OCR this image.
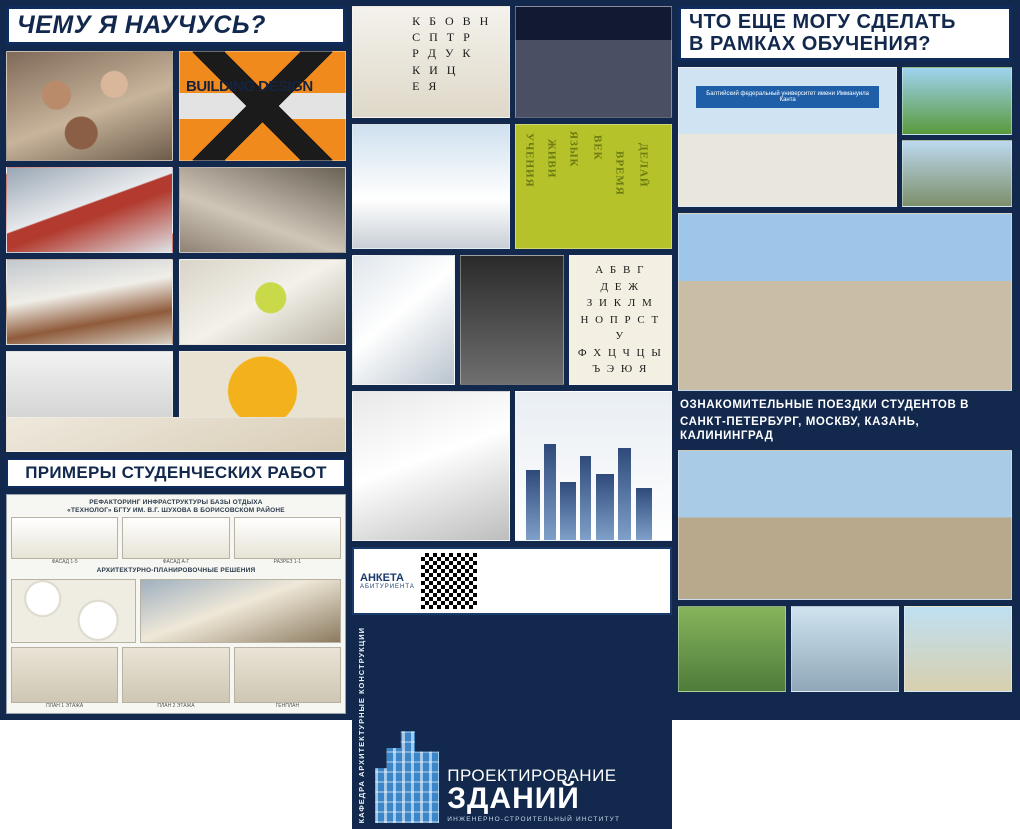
ЧЕМУ Я НАУЧУСЬ?
BUILDING DESIGN
ПРИМЕРЫ СТУДЕНЧЕСКИХ РАБОТ
РЕФАКТОРИНГ ИНФРАСТРУКТУРЫ БАЗЫ ОТДЫХА
«ТЕХНОЛОГ» БГТУ ИМ. В.Г. ШУХОВА В БОРИСОВСКОМ РАЙОНЕ
ФАСАД 1-5	ФАСАД А-Г	РАЗРЕЗ 1-1
АРХИТЕКТУРНО-ПЛАНИРОВОЧНЫЕ РЕШЕНИЯ
ПЛАН 1 ЭТАЖА	ПЛАН 2 ЭТАЖА	ГЕНПЛАН
К Б О В Н
С П Т Р
Р Д У К
К И Ц
Е Я
УЧЕНИЯ ЖИВИ ЯЗЫК ВЕК
ВРЕМЯ ДЕЛАЙ
А Б В Г
Д Е Ж
З И К Л М
Н О П Р С Т У
Ф Х Ц Ч Ц Ы
Ъ Э Ю Я
АНКЕТА
АБИТУРИЕНТА
КАФЕДРА АРХИТЕКТУРНЫЕ КОНСТРУКЦИИ	ПРОЕКТИРОВАНИЕ
ЗДАНИЙ
ИНЖЕНЕРНО-СТРОИТЕЛЬНЫЙ ИНСТИТУТ
ЧТО ЕЩЕ МОГУ СДЕЛАТЬ
В РАМКАХ ОБУЧЕНИЯ?
Балтийский федеральный университет имени Иммануила Канта
ОЗНАКОМИТЕЛЬНЫЕ ПОЕЗДКИ СТУДЕНТОВ В
САНКТ-ПЕТЕРБУРГ, МОСКВУ, КАЗАНЬ, КАЛИНИНГРАД
